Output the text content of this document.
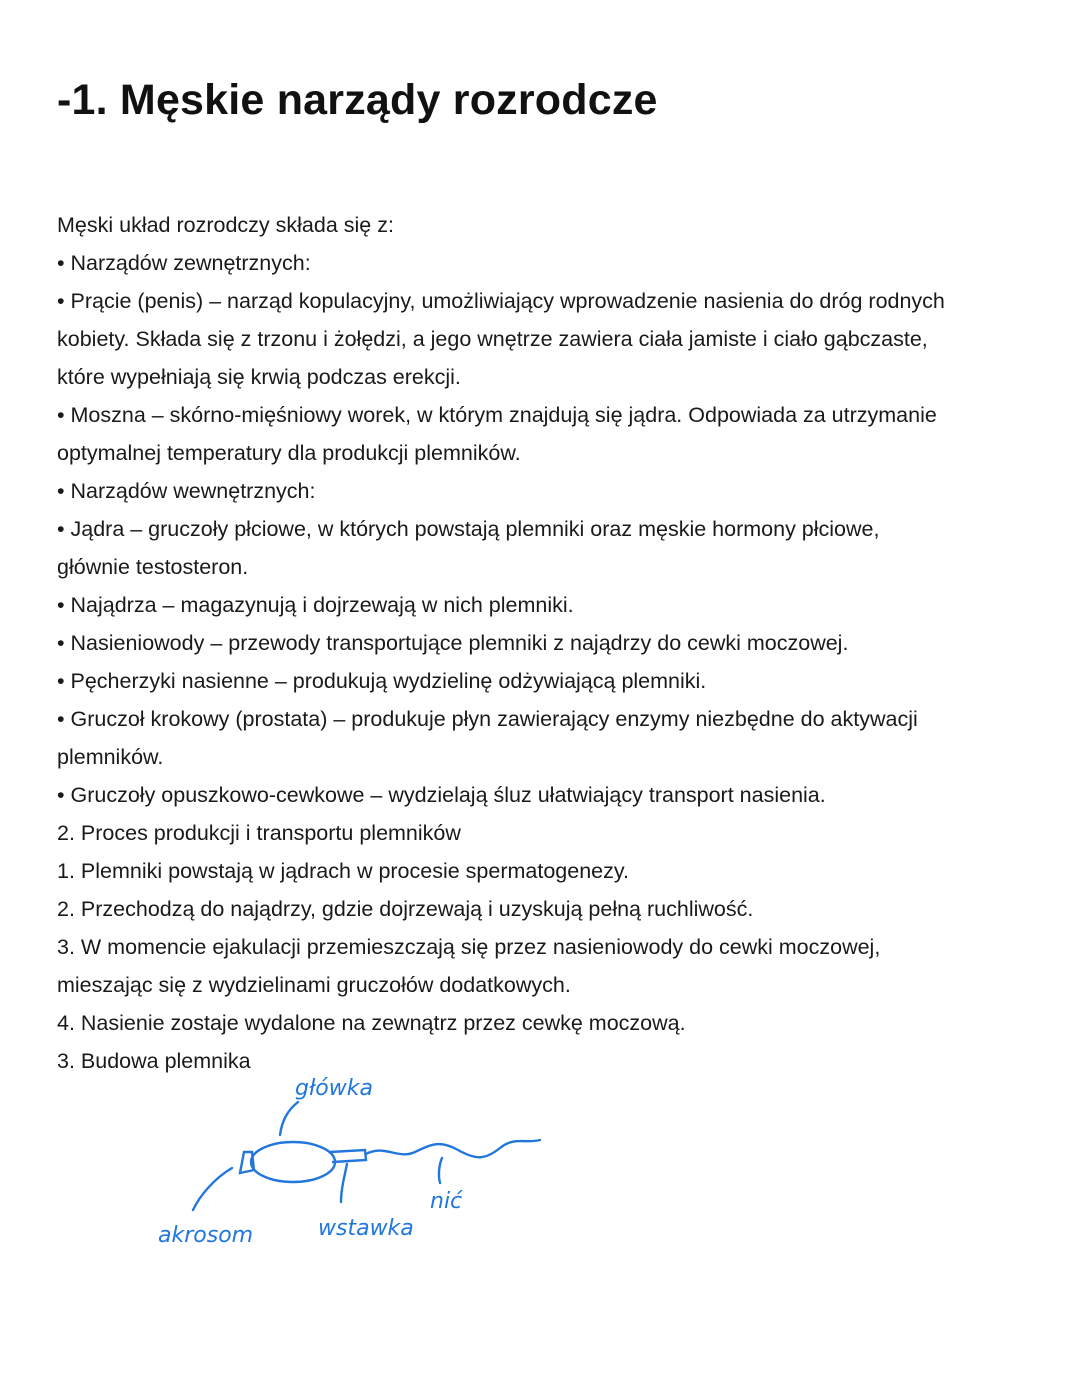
-1. Męskie narządy rozrodcze
Męski układ rozrodczy składa się z:
• Narządów zewnętrznych:
• Prącie (penis) – narząd kopulacyjny, umożliwiający wprowadzenie nasienia do dróg rodnych
kobiety. Składa się z trzonu i żołędzi, a jego wnętrze zawiera ciała jamiste i ciało gąbczaste,
które wypełniają się krwią podczas erekcji.
• Moszna – skórno-mięśniowy worek, w którym znajdują się jądra. Odpowiada za utrzymanie
optymalnej temperatury dla produkcji plemników.
• Narządów wewnętrznych:
• Jądra – gruczoły płciowe, w których powstają plemniki oraz męskie hormony płciowe,
głównie testosteron.
• Najądrza – magazynują i dojrzewają w nich plemniki.
• Nasieniowody – przewody transportujące plemniki z najądrzy do cewki moczowej.
• Pęcherzyki nasienne – produkują wydzielinę odżywiającą plemniki.
• Gruczoł krokowy (prostata) – produkuje płyn zawierający enzymy niezbędne do aktywacji
plemników.
• Gruczoły opuszkowo-cewkowe – wydzielają śluz ułatwiający transport nasienia.
2. Proces produkcji i transportu plemników
1. Plemniki powstają w jądrach w procesie spermatogenezy.
2. Przechodzą do najądrzy, gdzie dojrzewają i uzyskują pełną ruchliwość.
3. W momencie ejakulacji przemieszczają się przez nasieniowody do cewki moczowej,
mieszając się z wydzielinami gruczołów dodatkowych.
4. Nasienie zostaje wydalone na zewnątrz przez cewkę moczową.
3. Budowa plemnika
główka
akrosom	wstawka
nić
